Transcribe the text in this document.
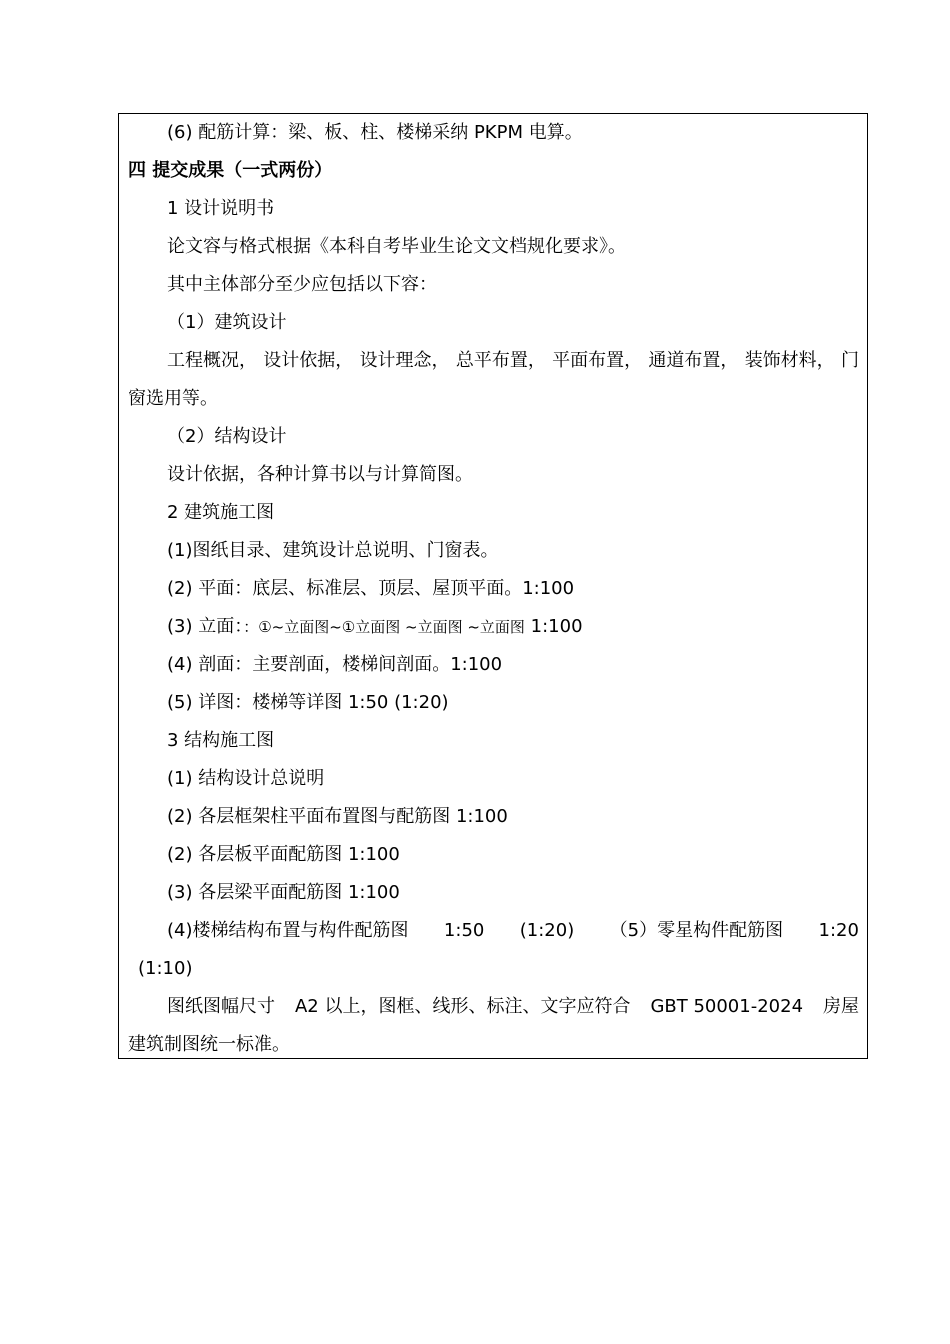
(6) 配筋计算：梁、板、柱、楼梯采纳 PKPM 电算。
四 提交成果（一式两份）
1 设计说明书
论文容与格式根据《本科自考毕业生论文文档规化要求》。
其中主体部分至少应包括以下容：
（1）建筑设计
工程概况， 设计依据， 设计理念， 总平布置， 平面布置， 通道布置， 装饰材料， 门
窗选用等。
（2）结构设计
设计依据，各种计算书以与计算简图。
2 建筑施工图
(1)图纸目录、建筑设计总说明、门窗表。
(2) 平面：底层、标准层、顶层、屋顶平面。1:100
(3) 立面：：①~立面图~①立面图 ~立面图 ~立面图 1:100
(4) 剖面：主要剖面，楼梯间剖面。1:100
(5) 详图：楼梯等详图 1:50 (1:20)
3 结构施工图
(1) 结构设计总说明
(2) 各层框架柱平面布置图与配筋图 1:100
(2) 各层板平面配筋图 1:100
(3) 各层梁平面配筋图 1:100
(4)楼梯结构布置与构件配筋图 1:50 (1:20) （5）零星构件配筋图 1:20
(1:10)
图纸图幅尺寸 A2 以上，图框、线形、标注、文字应符合 GBT 50001-2024 房屋
建筑制图统一标准。
